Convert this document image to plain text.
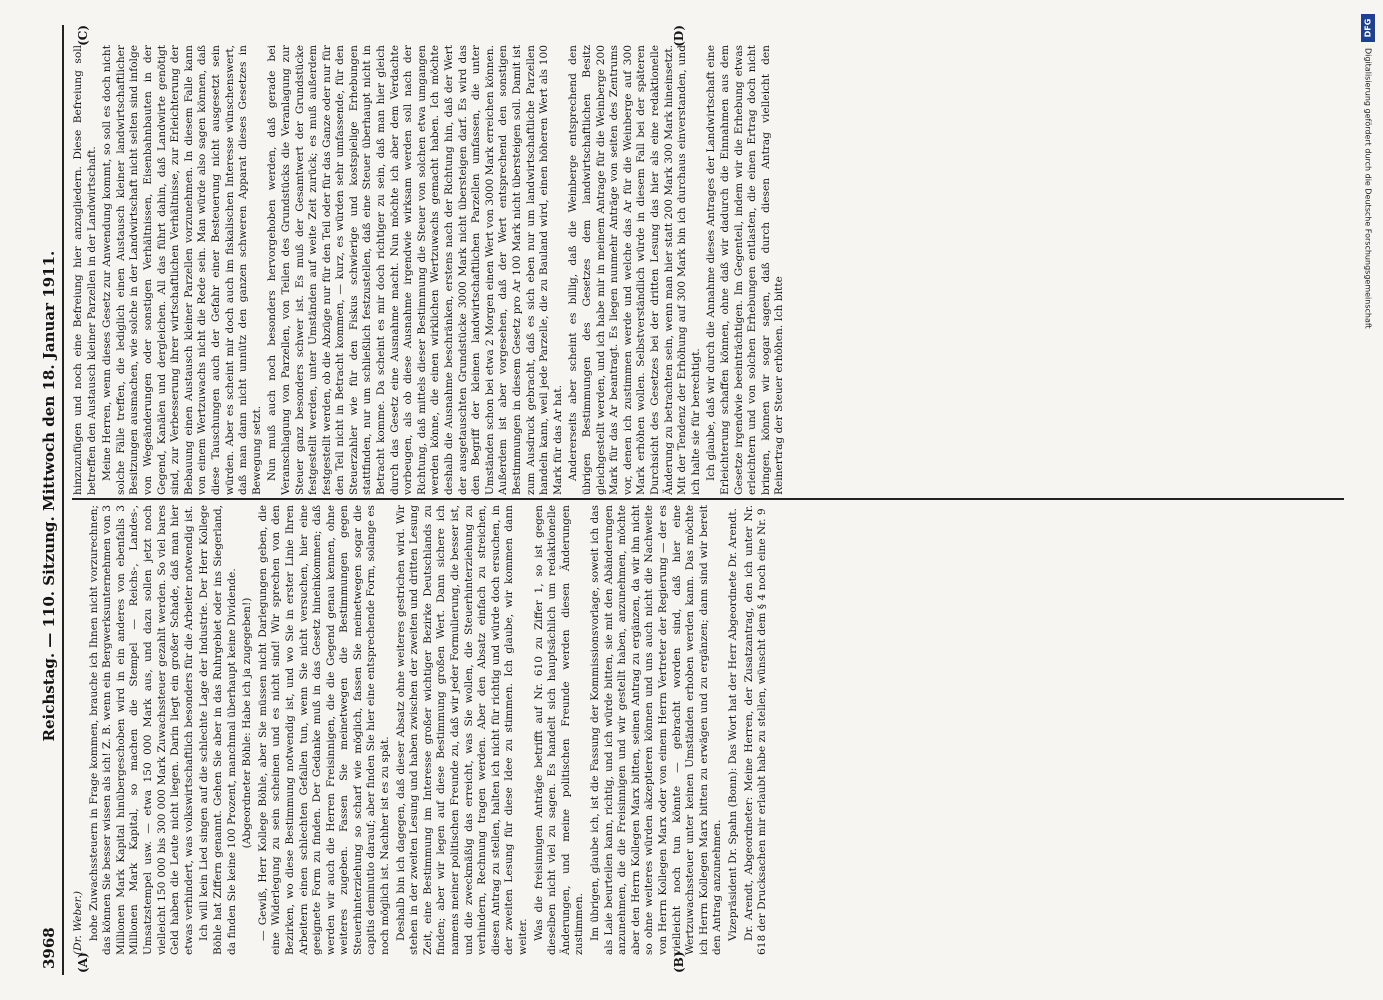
3968
Reichstag. — 110. Sitzung. Mittwoch den 18. Januar 1911.
(A)	(B)
(C)	(D)

(Dr. Weber.) hohe Zuwachssteuern in Frage kommen, brauche ich Ihnen nicht vorzurechnen; das können Sie besser wissen als ich! Z. B. wenn ein Bergwerksunternehmen von 3 Millionen Mark Kapital hinübergeschoben wird in ein anderes von ebenfalls 3 Millionen Mark Kapital, so machen die Stempel — Reichs-, Landes-, Umsatzstempel usw. — etwa 150 000 Mark aus, und dazu sollen jetzt noch vielleicht 150 000 bis 300 000 Mark Zuwachssteuer gezahlt werden. So viel bares Geld haben die Leute nicht liegen. Darin liegt ein großer Schade, daß man hier etwas verhindert, was volkswirtschaftlich besonders für die Arbeiter notwendig ist. Ich will kein Lied singen auf die schlechte Lage der Industrie. Der Herr Kollege Böhle hat Ziffern genannt. Gehen Sie aber in das Ruhrgebiet oder ins Siegerland, da finden Sie keine 100 Prozent, manchmal überhaupt keine Dividende. (Abgeordneter Böhle: Habe ich ja zugegeben!) — Gewiß, Herr Kollege Böhle, aber Sie müssen nicht Darlegungen geben, die eine Widerlegung zu sein scheinen und es nicht sind! Wir sprechen von den Bezirken, wo diese Bestimmung notwendig ist, und wo Sie in erster Linie Ihren Arbeitern einen schlechten Gefallen tun, wenn Sie nicht versuchen, hier eine geeignete Form zu finden. Der Gedanke muß in das Gesetz hineinkommen; daß werden wir auch die Herren Freisinnigen, die die Gegend genau kennen, ohne weiteres zugeben. Fassen Sie meinetwegen die Bestimmungen gegen Steuerhinterziehung so scharf wie möglich, fassen Sie meinetwegen sogar die capitis deminutio darauf; aber finden Sie hier eine entsprechende Form, solange es noch möglich ist. Nachher ist es zu spät. Deshalb bin ich dagegen, daß dieser Absatz ohne weiteres gestrichen wird. Wir stehen in der zweiten Lesung und haben zwischen der zweiten und dritten Lesung Zeit, eine Bestimmung im Interesse großer wichtiger Bezirke Deutschlands zu finden; aber wir legen auf diese Bestimmung großen Wert. Dann sichere ich namens meiner politischen Freunde zu, daß wir jeder Formulierung, die besser ist, und die zweckmäßig das erreicht, was Sie wollen, die Steuerhinterziehung zu verhindern, Rechnung tragen werden. Aber den Absatz einfach zu streichen, diesen Antrag zu stellen, halten ich nicht für richtig und würde doch ersuchen, in der zweiten Lesung für diese Idee zu stimmen. Ich glaube, wir kommen dann weiter. Was die freisinnigen Anträge betrifft auf Nr. 610 zu Ziffer 1, so ist gegen dieselben nicht viel zu sagen. Es handelt sich hauptsächlich um redaktionelle Änderungen, und meine politischen Freunde werden diesen Änderungen zustimmen. Im übrigen, glaube ich, ist die Fassung der Kommissionsvorlage, soweit ich das als Laie beurteilen kann, richtig, und ich würde bitten, sie mit den Abänderungen anzunehmen, die die Freisinnigen und wir gestellt haben, anzunehmen, möchte aber den Herrn Kollegen Marx bitten, seinen Antrag zu ergänzen, da wir ihn nicht so ohne weiteres würden akzeptieren können und uns auch nicht die Nachweite von Herrn Kollegen Marx oder von einem Herrn Vertreter der Regierung — der es vielleicht noch tun könnte — gebracht worden sind, daß hier eine Wertzuwachssteuer unter keinen Umständen erhoben werden kann. Das möchte ich Herrn Kollegen Marx bitten zu erwägen und zu ergänzen; dann sind wir bereit den Antrag anzunehmen. Vizepräsident Dr. Spahn (Bonn): Das Wort hat der Herr Abgeordnete Dr. Arendt. Dr. Arendt, Abgeordneter: Meine Herren, der Zusatzantrag, den ich unter Nr. 618 der Drucksachen mir erlaubt habe zu stellen, wünscht dem § 4 noch eine Nr. 9

hinzuzufügen und noch eine Befreiung hier anzugliedern. Diese Befreiung soll betreffen den Austausch kleiner Parzellen in der Landwirtschaft. Meine Herren, wenn dieses Gesetz zur Anwendung kommt, so soll es doch nicht solche Fälle treffen, die lediglich einen Austausch kleiner landwirtschaftlicher Besitzungen ausmachen, wie solche in der Landwirtschaft nicht selten sind infolge von Wegeänderungen oder sonstigen Verhältnissen, Eisenbahnbauten in der Gegend, Kanälen und dergleichen. All das führt dahin, daß Landwirte genötigt sind, zur Verbesserung ihrer wirtschaftlichen Verhältnisse, zur Erleichterung der Bebauung einen Austausch kleiner Parzellen vorzunehmen. In diesem Falle kann von einem Wertzuwachs nicht die Rede sein. Man würde also sagen können, daß diese Tauschungen auch der Gefahr einer Besteuerung nicht ausgesetzt sein würden. Aber es scheint mir doch auch im fiskalischen Interesse wünschenswert, daß man dann nicht unnütz den ganzen schweren Apparat dieses Gesetzes in Bewegung setzt. Nun muß auch noch besonders hervorgehoben werden, daß gerade bei Veranschlagung von Parzellen, von Teilen des Grundstücks die Veranlagung zur Steuer ganz besonders schwer ist. Es muß der Gesamtwert der Grundstücke festgestellt werden, unter Umständen auf weite Zeit zurück; es muß außerdem festgestellt werden, ob die Abzüge nur für den Teil oder für das Ganze oder nur für den Teil nicht in Betracht kommen, — kurz, es würden sehr umfassende, für den Steuerzahler wie für den Fiskus schwierige und kostspielige Erhebungen stattfinden, nur um schließlich festzustellen, daß eine Steuer überhaupt nicht in Betracht komme. Da scheint es mir doch richtiger zu sein, daß man hier gleich durch das Gesetz eine Ausnahme macht. Nun möchte ich aber dem Verdachte vorbeugen, als ob diese Ausnahme irgendwie wirksam werden soll nach der Richtung, daß mittels dieser Bestimmung die Steuer von solchen etwa umgangen werden könne, die einen wirklichen Wertzuwachs gemacht haben. Ich möchte deshalb die Ausnahme beschränken, erstens nach der Richtung hin, daß der Wert der ausgetauschten Grundstücke 3000 Mark nicht übersteigen darf. Es wird das den Begriff der kleinen landwirtschaftlichen Parzellen umfassen, die unter Umständen schon bei etwa 2 Morgen einen Wert von 3000 Mark erreichen können. Außerdem ist aber vorgesehen, daß der Wert entsprechend den sonstigen Bestimmungen in diesem Gesetz pro Ar 100 Mark nicht übersteigen soll. Damit ist zum Ausdruck gebracht, daß es sich eben nur um landwirtschaftliche Parzellen handeln kann, weil jede Parzelle, die zu Bauland wird, einen höheren Wert als 100 Mark für das Ar hat. Andererseits aber scheint es billig, daß die Weinberge entsprechend den übrigen Bestimmungen des Gesetzes dem landwirtschaftlichen Besitz gleichgestellt werden, und ich habe mir in meinem Antrage für die Weinberge 200 Mark für das Ar beantragt. Es liegen nunmehr Anträge von seiten des Zentrums vor, denen ich zustimmen werde und welche das Ar für die Weinberge auf 300 Mark erhöhen wollen. Selbstverständlich würde in diesem Fall bei der späteren Durchsicht des Gesetzes bei der dritten Lesung das hier als eine redaktionelle Änderung zu betrachten sein, wenn man hier statt 200 Mark 300 Mark hineinsetzt. Mit der Tendenz der Erhöhung auf 300 Mark bin ich durchaus einverstanden, und ich halte sie für berechtigt. Ich glaube, daß wir durch die Annahme dieses Antrages der Landwirtschaft eine Erleichterung schaffen können, ohne daß wir dadurch die Einnahmen aus dem Gesetze irgendwie beeinträchtigen. Im Gegenteil, indem wir die Erhebung etwas erleichtern und von solchen Erhebungen entlasten, die einen Ertrag doch nicht bringen, können wir sogar sagen, daß durch diesen Antrag vielleicht den Reinertrag der Steuer erhöhen. Ich bitte

DFG
Digitalisierung gefördert durch die Deutsche Forschungsgemeinschaft
